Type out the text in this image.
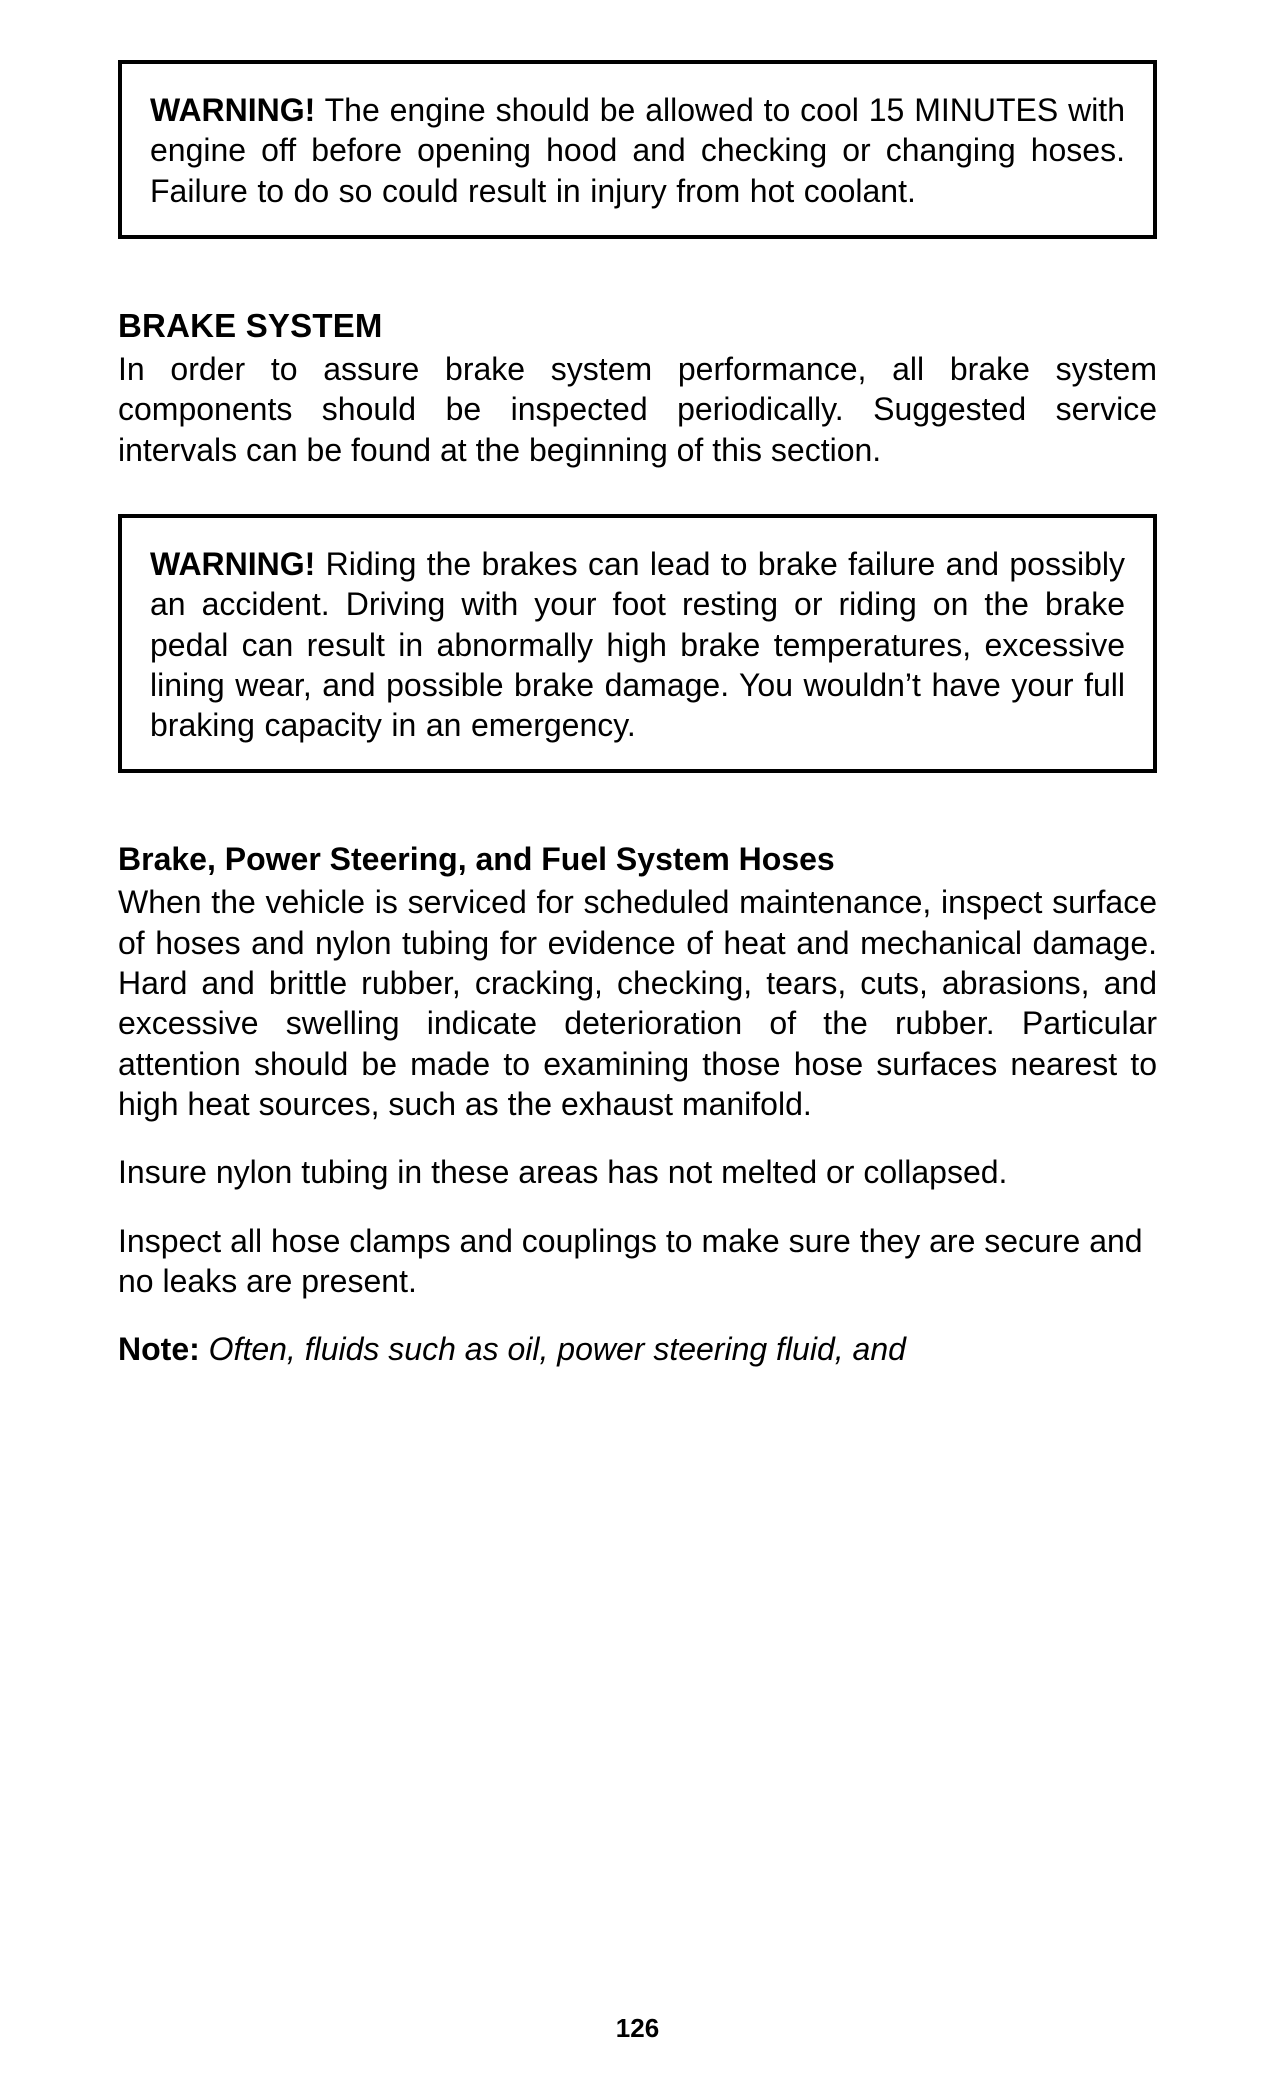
WARNING! The engine should be allowed to cool 15 MINUTES with engine off before opening hood and checking or changing hoses. Failure to do so could result in injury from hot coolant.

BRAKE SYSTEM

In order to assure brake system performance, all brake system components should be inspected periodically. Suggested service intervals can be found at the beginning of this section.

WARNING! Riding the brakes can lead to brake failure and possibly an accident. Driving with your foot resting or riding on the brake pedal can result in abnormally high brake temperatures, excessive lining wear, and possible brake damage. You wouldn’t have your full braking capacity in an emergency.

Brake, Power Steering, and Fuel System Hoses

When the vehicle is serviced for scheduled maintenance, inspect surface of hoses and nylon tubing for evidence of heat and mechanical damage. Hard and brittle rubber, cracking, checking, tears, cuts, abrasions, and excessive swelling indicate deterioration of the rubber. Particular attention should be made to examining those hose surfaces nearest to high heat sources, such as the exhaust manifold.

Insure nylon tubing in these areas has not melted or collapsed.

Inspect all hose clamps and couplings to make sure they are secure and no leaks are present.

Note: Often, fluids such as oil, power steering fluid, and

126
